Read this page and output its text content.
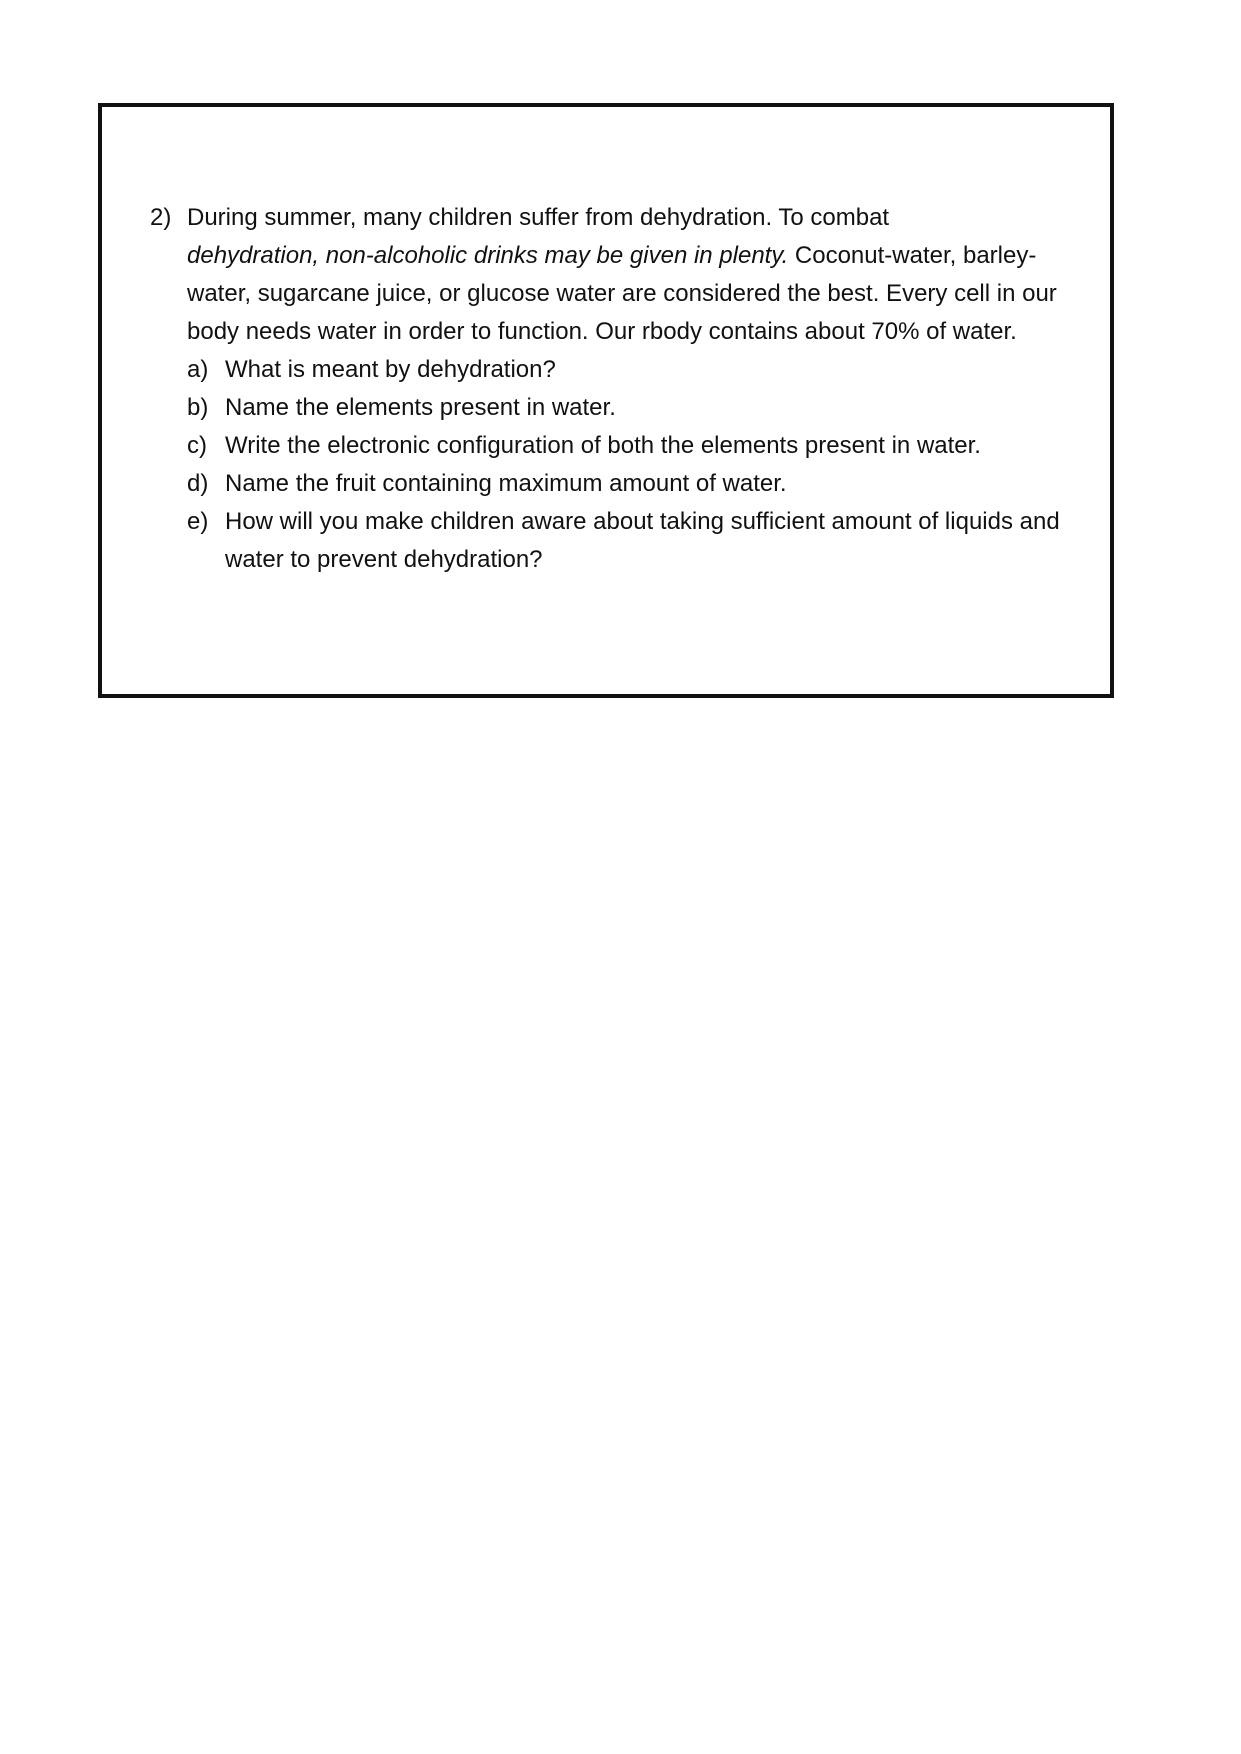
2) During summer, many children suffer from dehydration. To combat
dehydration, non-alcoholic drinks may be given in plenty. Coconut-water, barley-water, sugarcane juice, or glucose water are considered the best. Every cell in our body needs water in order to function. Our rbody contains about 70% of water.
a) What is meant by dehydration?
b) Name the elements present in water.
c) Write the electronic configuration of both the elements present in water.
d) Name the fruit containing maximum amount of water.
e) How will you make children aware about taking sufficient amount of liquids and water to prevent dehydration?
